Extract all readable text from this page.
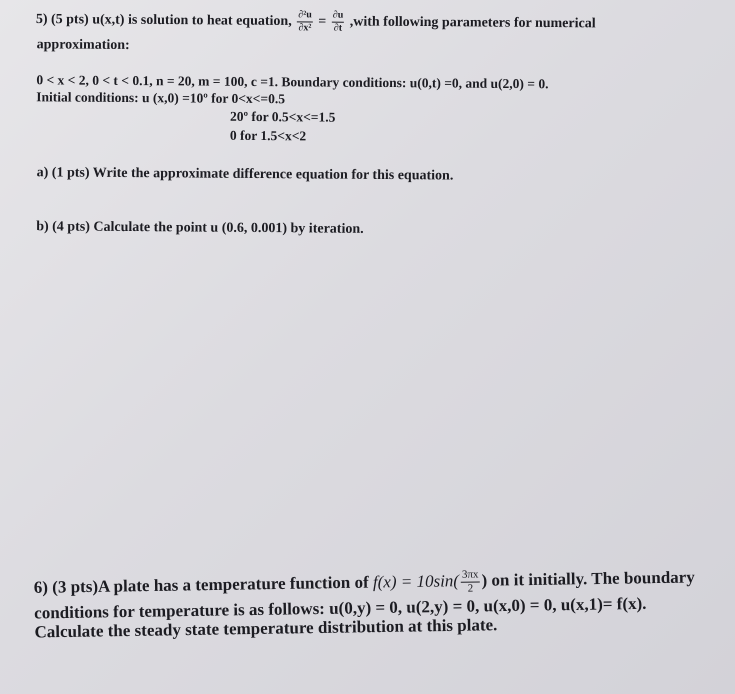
5) (5 pts) u(x,t) is solution to heat equation, $\frac{\text{∂²u}}{\text{∂x²}} = \frac{\partial u}{\partial t}$ ,with following parameters for numerical
approximation:
0 < x < 2, 0 < t < 0.1, n = 20, m = 100, c =1. Boundary conditions: u(0,t) =0, and u(2,0) = 0.
Initial conditions: u (x,0) =10º for 0<x<=0.5
20º for 0.5<x<=1.5
0 for 1.5<x<2
a) (1 pts) Write the approximate difference equation for this equation.
b) (4 pts) Calculate the point u (0.6, 0.001) by iteration.
6) (3 pts)A plate has a temperature function of $f(x) = 10\sin( \frac{3\pi x}{2}$ ) on it initially. The boundary
conditions for temperature is as follows: u(0,y) = 0, u(2,y) = 0, u(x,0) = 0, u(x,1)= f(x).
Calculate the steady state temperature distribution at this plate.
